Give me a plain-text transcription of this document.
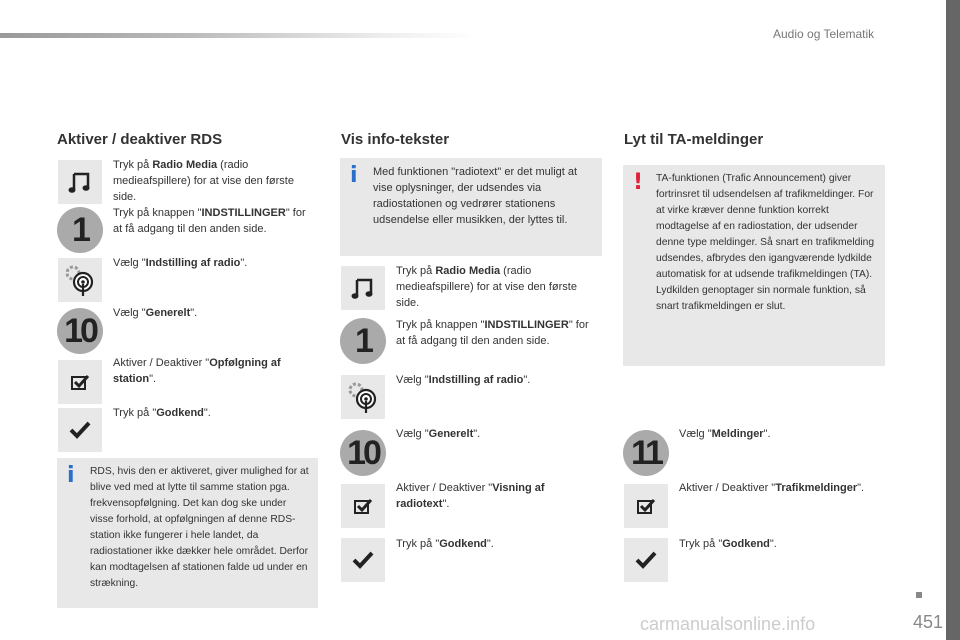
Audio og Telematik
Aktiver / deaktiver RDS	Vis info-tekster	Lyt til TA-meldinger
i Med funktionen "radiotext" er det muligt at vise oplysninger, der udsendes via radiostationen og vedrører stationens udsendelse eller musikken, der lyttes til.
! TA-funktionen (Trafic Announcement) giver fortrinsret til udsendelsen af trafikmeldinger. For at virke kræver denne funktion korrekt modtagelse af en radiostation, der udsender denne type meldinger. Så snart en trafikmelding udsendes, afbrydes den igangværende lydkilde automatisk for at udsende trafikmeldingen (TA). Lydkilden genoptager sin normale funktion, så snart trafikmeldingen er slut.
i RDS, hvis den er aktiveret, giver mulighed for at blive ved med at lytte til samme station pga. frekvensopfølgning. Det kan dog ske under visse forhold, at opfølgningen af denne RDS-station ikke fungerer i hele landet, da radiostationer ikke dækker hele området. Derfor kan modtagelsen af stationen falde ud under en strækning.
Tryk på Radio Media (radio medieafspillere) for at vise den første side.
1	Tryk på knappen "INDSTILLINGER" for at få adgang til den anden side.
Vælg "Indstilling af radio".
10	Vælg "Generelt".
Aktiver / Deaktiver "Opfølgning af station".
Tryk på "Godkend".
Tryk på Radio Media (radio medieafspillere) for at vise den første side.
1	Tryk på knappen "INDSTILLINGER" for at få adgang til den anden side.
Vælg "Indstilling af radio".
10	Vælg "Generelt".
Aktiver / Deaktiver "Visning af radiotext".
Tryk på "Godkend".
11	Vælg "Meldinger".
Aktiver / Deaktiver "Trafikmeldinger".
Tryk på "Godkend".
carmanualsonline.info	451
